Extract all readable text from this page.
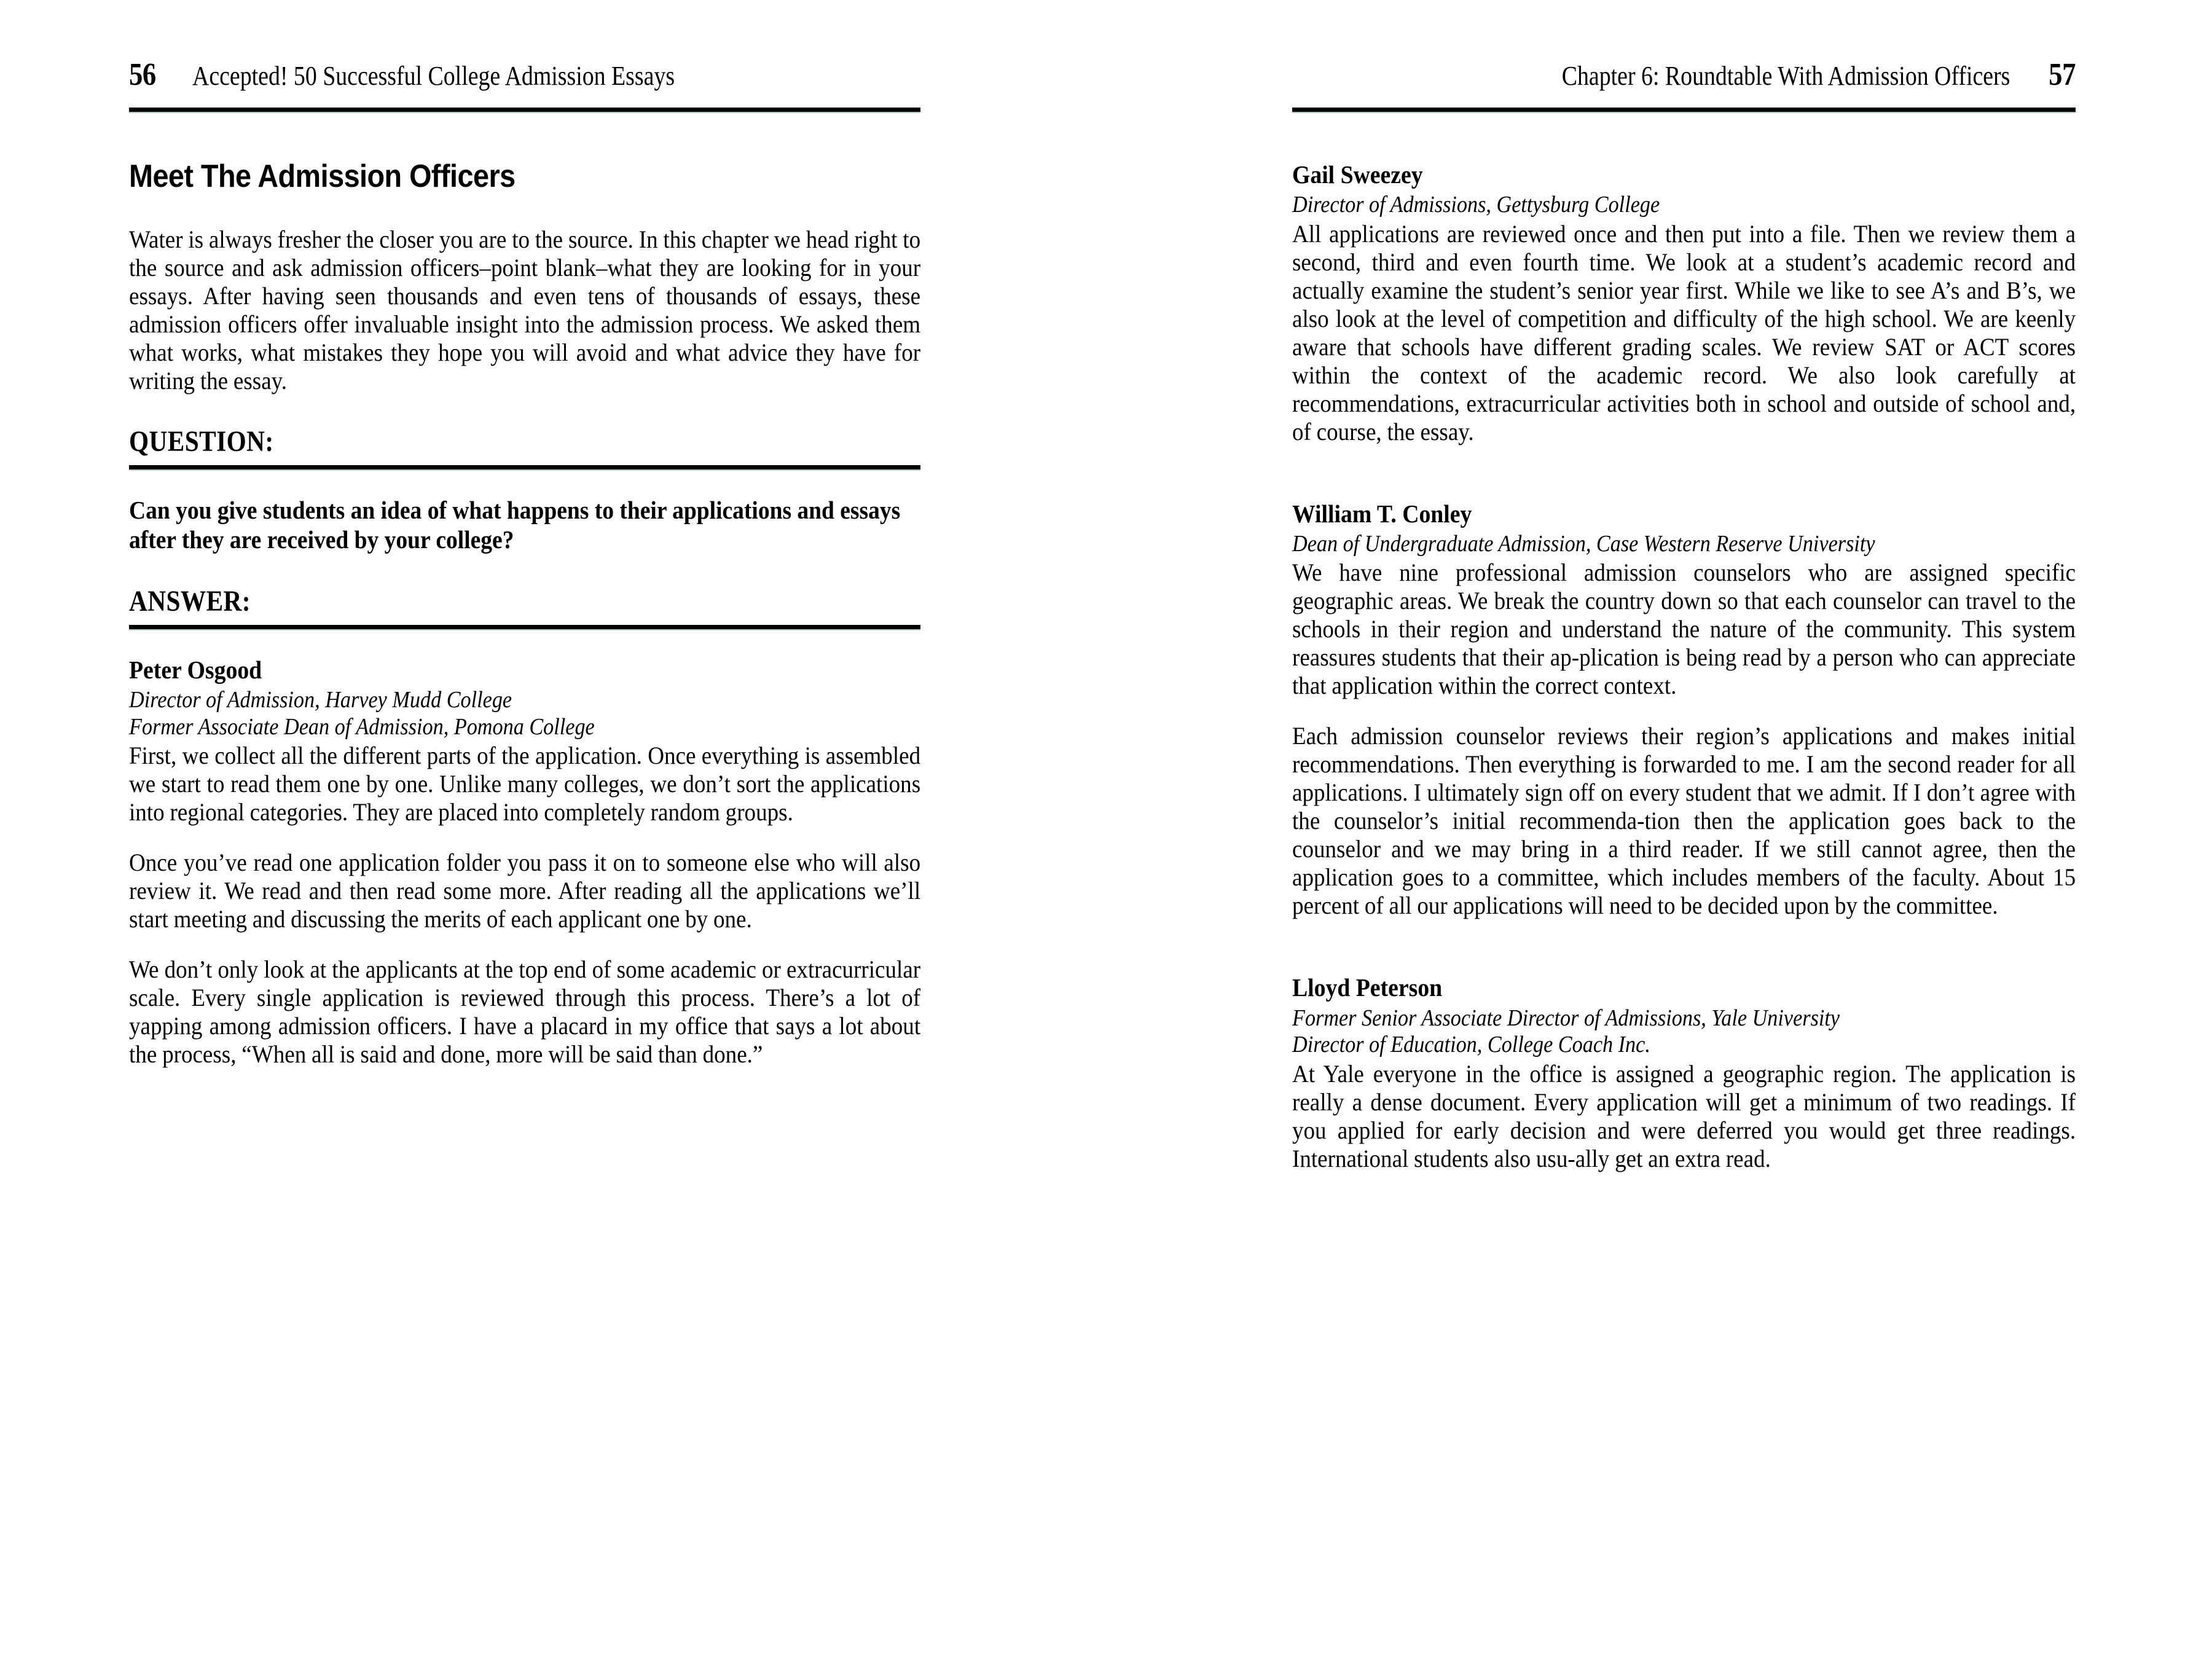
56 Accepted! 50 Successful College Admission Essays
Meet The Admission Officers

Water is always fresher the closer you are to the source. In this chapter we head right to the source and ask admission officers–point blank–what they are looking for in your essays. After having seen thousands and even tens of thousands of essays, these admission officers offer invaluable insight into the admission process. We asked them what works, what mistakes they hope you will avoid and what advice they have for writing the essay.

QUESTION:

Can you give students an idea of what happens to their applications and essays after they are received by your college?

ANSWER:
Peter Osgood
Director of Admission, Harvey Mudd College
Former Associate Dean of Admission, Pomona College

First, we collect all the different parts of the application. Once everything is assembled we start to read them one by one. Unlike many colleges, we don’t sort the applications into regional categories. They are placed into completely random groups.

Once you’ve read one application folder you pass it on to someone else who will also review it. We read and then read some more. After reading all the applications we’ll start meeting and discussing the merits of each applicant one by one.

We don’t only look at the applicants at the top end of some academic or extracurricular scale. Every single application is reviewed through this process. There’s a lot of yapping among admission officers. I have a placard in my office that says a lot about the process, “When all is said and done, more will be said than done.”

Chapter 6: Roundtable With Admission Officers 57
Gail Sweezey
Director of Admissions, Gettysburg College

All applications are reviewed once and then put into a file. Then we review them a second, third and even fourth time. We look at a student’s academic record and actually examine the student’s senior year first. While we like to see A’s and B’s, we also look at the level of competition and difficulty of the high school. We are keenly aware that schools have different grading scales. We review SAT or ACT scores within the context of the academic record. We also look carefully at recommendations, extracurricular activities both in school and outside of school and, of course, the essay.

William T. Conley
Dean of Undergraduate Admission, Case Western Reserve University

We have nine professional admission counselors who are assigned specific geographic areas. We break the country down so that each counselor can travel to the schools in their region and understand the nature of the community. This system reassures students that their ap-plication is being read by a person who can appreciate that application within the correct context.

Each admission counselor reviews their region’s applications and makes initial recommendations. Then everything is forwarded to me. I am the second reader for all applications. I ultimately sign off on every student that we admit. If I don’t agree with the counselor’s initial recommenda-tion then the application goes back to the counselor and we may bring in a third reader. If we still cannot agree, then the application goes to a committee, which includes members of the faculty. About 15 percent of all our applications will need to be decided upon by the committee.

Lloyd Peterson
Former Senior Associate Director of Admissions, Yale University
Director of Education, College Coach Inc.

At Yale everyone in the office is assigned a geographic region. The application is really a dense document. Every application will get a minimum of two readings. If you applied for early decision and were deferred you would get three readings. International students also usu-ally get an extra read.
